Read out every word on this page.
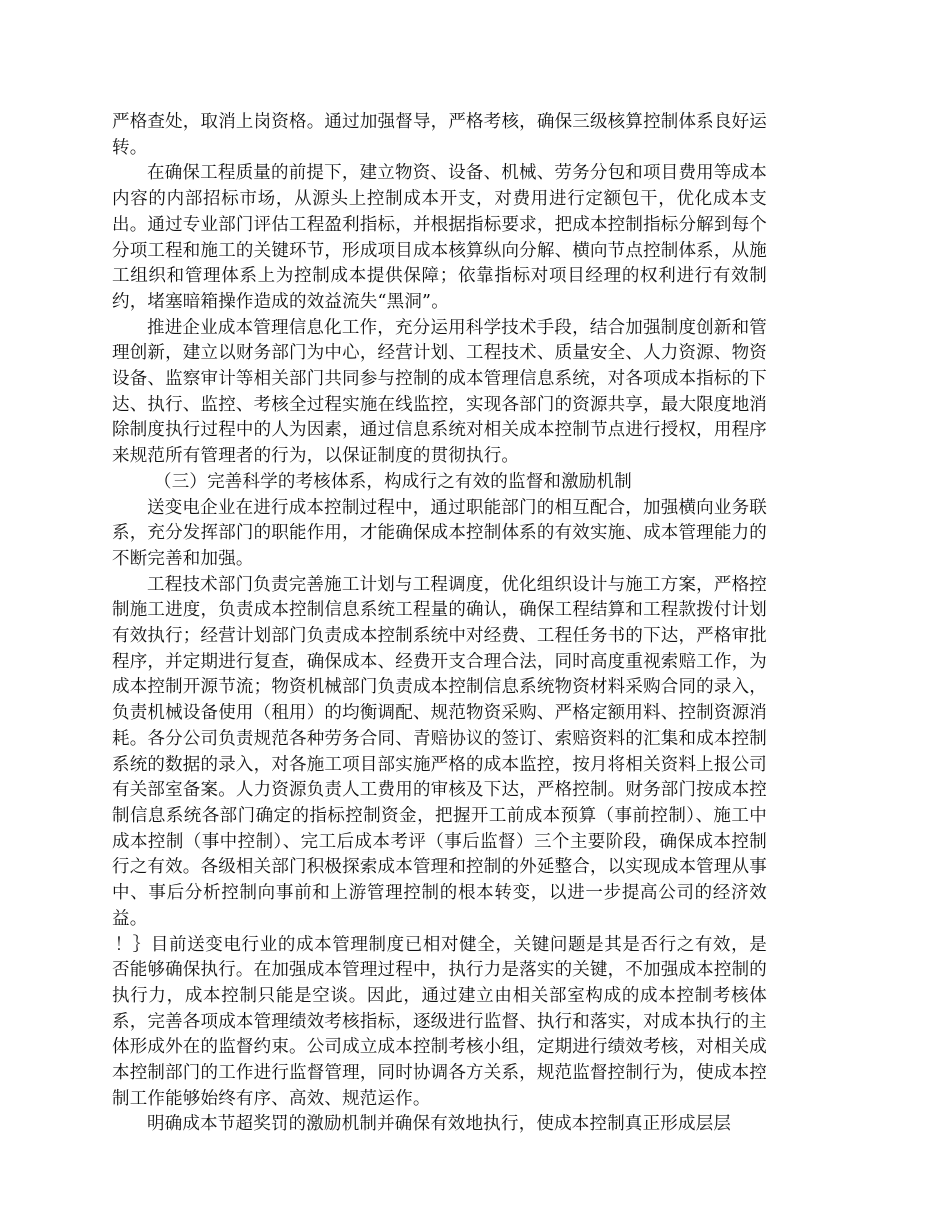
严格查处，取消上岗资格。通过加强督导，严格考核，确保三级核算控制体系良好运转。

在确保工程质量的前提下，建立物资、设备、机械、劳务分包和项目费用等成本内容的内部招标市场，从源头上控制成本开支，对费用进行定额包干，优化成本支出。通过专业部门评估工程盈利指标，并根据指标要求，把成本控制指标分解到每个分项工程和施工的关键环节，形成项目成本核算纵向分解、横向节点控制体系，从施工组织和管理体系上为控制成本提供保障；依靠指标对项目经理的权利进行有效制约，堵塞暗箱操作造成的效益流失“黑洞”。

推进企业成本管理信息化工作，充分运用科学技术手段，结合加强制度创新和管理创新，建立以财务部门为中心，经营计划、工程技术、质量安全、人力资源、物资设备、监察审计等相关部门共同参与控制的成本管理信息系统，对各项成本指标的下达、执行、监控、考核全过程实施在线监控，实现各部门的资源共享，最大限度地消除制度执行过程中的人为因素，通过信息系统对相关成本控制节点进行授权，用程序来规范所有管理者的行为，以保证制度的贯彻执行。

（三）完善科学的考核体系，构成行之有效的监督和激励机制

送变电企业在进行成本控制过程中，通过职能部门的相互配合，加强横向业务联系，充分发挥部门的职能作用，才能确保成本控制体系的有效实施、成本管理能力的不断完善和加强。

工程技术部门负责完善施工计划与工程调度，优化组织设计与施工方案，严格控制施工进度，负责成本控制信息系统工程量的确认，确保工程结算和工程款拨付计划有效执行；经营计划部门负责成本控制系统中对经费、工程任务书的下达，严格审批程序，并定期进行复查，确保成本、经费开支合理合法，同时高度重视索赔工作，为成本控制开源节流；物资机械部门负责成本控制信息系统物资材料采购合同的录入，负责机械设备使用（租用）的均衡调配、规范物资采购、严格定额用料、控制资源消耗。各分公司负责规范各种劳务合同、青赔协议的签订、索赔资料的汇集和成本控制系统的数据的录入，对各施工项目部实施严格的成本监控，按月将相关资料上报公司有关部室备案。人力资源负责人工费用的审核及下达，严格控制。财务部门按成本控制信息系统各部门确定的指标控制资金，把握开工前成本预算（事前控制）、施工中成本控制（事中控制）、完工后成本考评（事后监督）三个主要阶段，确保成本控制行之有效。各级相关部门积极探索成本管理和控制的外延整合，以实现成本管理从事中、事后分析控制向事前和上游管理控制的根本转变，以进一步提高公司的经济效益。

！｝目前送变电行业的成本管理制度已相对健全，关键问题是其是否行之有效，是否能够确保执行。在加强成本管理过程中，执行力是落实的关键，不加强成本控制的执行力，成本控制只能是空谈。因此，通过建立由相关部室构成的成本控制考核体系，完善各项成本管理绩效考核指标，逐级进行监督、执行和落实，对成本执行的主体形成外在的监督约束。公司成立成本控制考核小组，定期进行绩效考核，对相关成本控制部门的工作进行监督管理，同时协调各方关系，规范监督控制行为，使成本控制工作能够始终有序、高效、规范运作。

明确成本节超奖罚的激励机制并确保有效地执行，使成本控制真正形成层层
